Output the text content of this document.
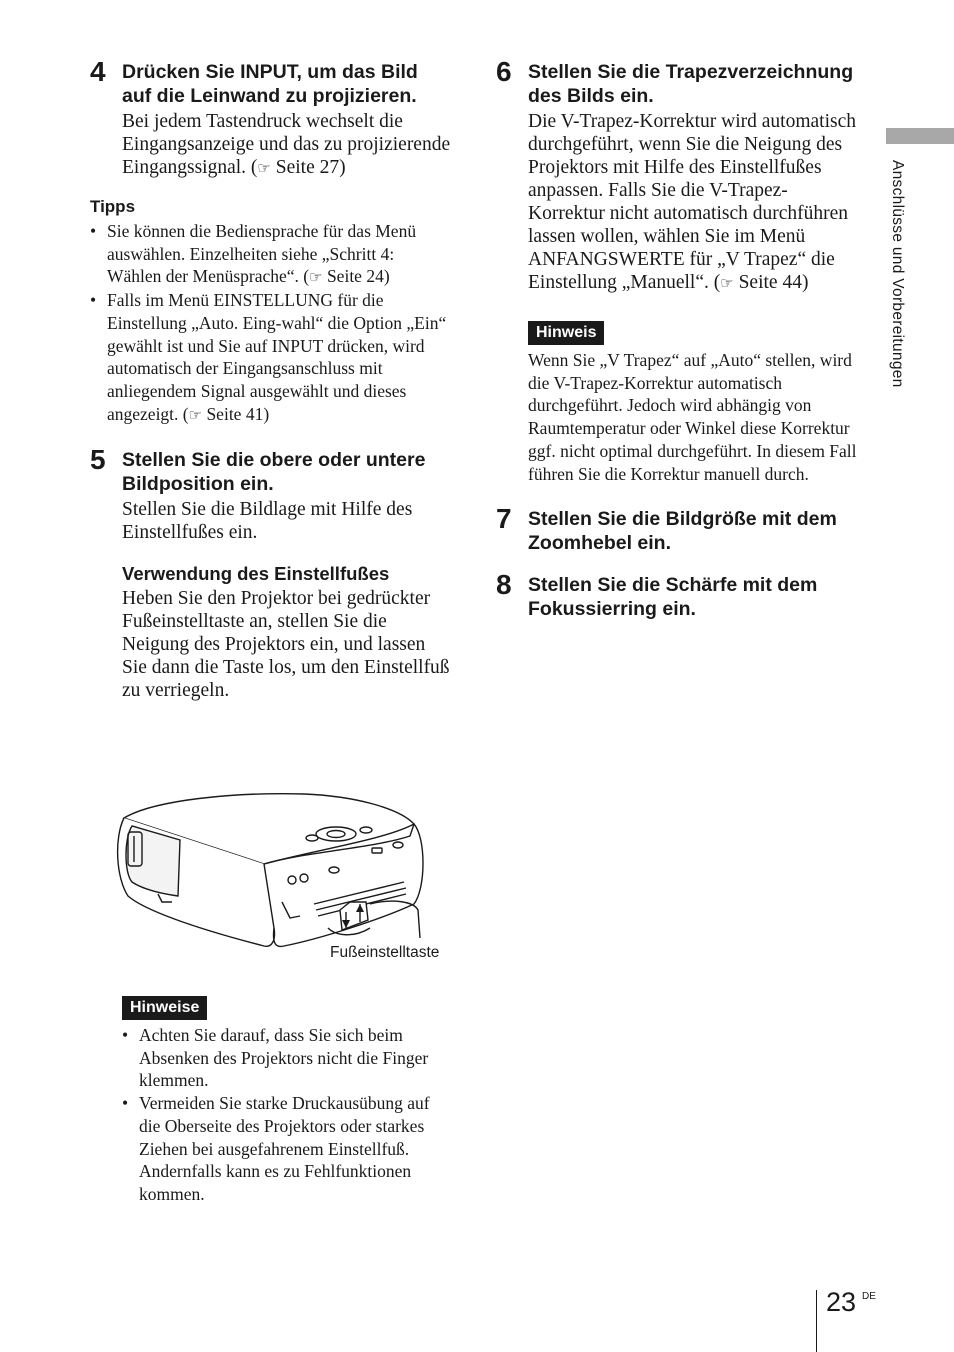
4 Drücken Sie INPUT, um das Bild auf die Leinwand zu projizieren.

Bei jedem Tastendruck wechselt die Eingangsanzeige und das zu projizierende Eingangssignal. (☞ Seite 27)

Tipps
• Sie können die Bediensprache für das Menü auswählen. Einzelheiten siehe „Schritt 4: Wählen der Menüsprache“. (☞ Seite 24)
• Falls im Menü EINSTELLUNG für die Einstellung „Auto. Eing-wahl“ die Option „Ein“ gewählt ist und Sie auf INPUT drücken, wird automatisch der Eingangsanschluss mit anliegendem Signal ausgewählt und dieses angezeigt. (☞ Seite 41)
5 Stellen Sie die obere oder untere Bildposition ein.

Stellen Sie die Bildlage mit Hilfe des Einstellfußes ein.

Verwendung des Einstellfußes

Heben Sie den Projektor bei gedrückter Fußeinstelltaste an, stellen Sie die Neigung des Projektors ein, und lassen Sie dann die Taste los, um den Einstellfuß zu verriegeln.

Fußeinstelltaste
Hinweise
• Achten Sie darauf, dass Sie sich beim Absenken des Projektors nicht die Finger klemmen.
• Vermeiden Sie starke Druckausübung auf die Oberseite des Projektors oder starkes Ziehen bei ausgefahrenem Einstellfuß. Andernfalls kann es zu Fehlfunktionen kommen.
6 Stellen Sie die Trapezverzeichnung des Bilds ein.

Die V-Trapez-Korrektur wird automatisch durchgeführt, wenn Sie die Neigung des Projektors mit Hilfe des Einstellfußes anpassen. Falls Sie die V-Trapez-Korrektur nicht automatisch durchführen lassen wollen, wählen Sie im Menü ANFANGSWERTE für „V Trapez“ die Einstellung „Manuell“. (☞ Seite 44)

Hinweis

Wenn Sie „V Trapez“ auf „Auto“ stellen, wird die V-Trapez-Korrektur automatisch durchgeführt. Jedoch wird abhängig von Raumtemperatur oder Winkel diese Korrektur ggf. nicht optimal durchgeführt. In diesem Fall führen Sie die Korrektur manuell durch.

7 Stellen Sie die Bildgröße mit dem Zoomhebel ein.
8 Stellen Sie die Schärfe mit dem Fokussierring ein.
Anschlüsse und Vorbereitungen
23 DE
